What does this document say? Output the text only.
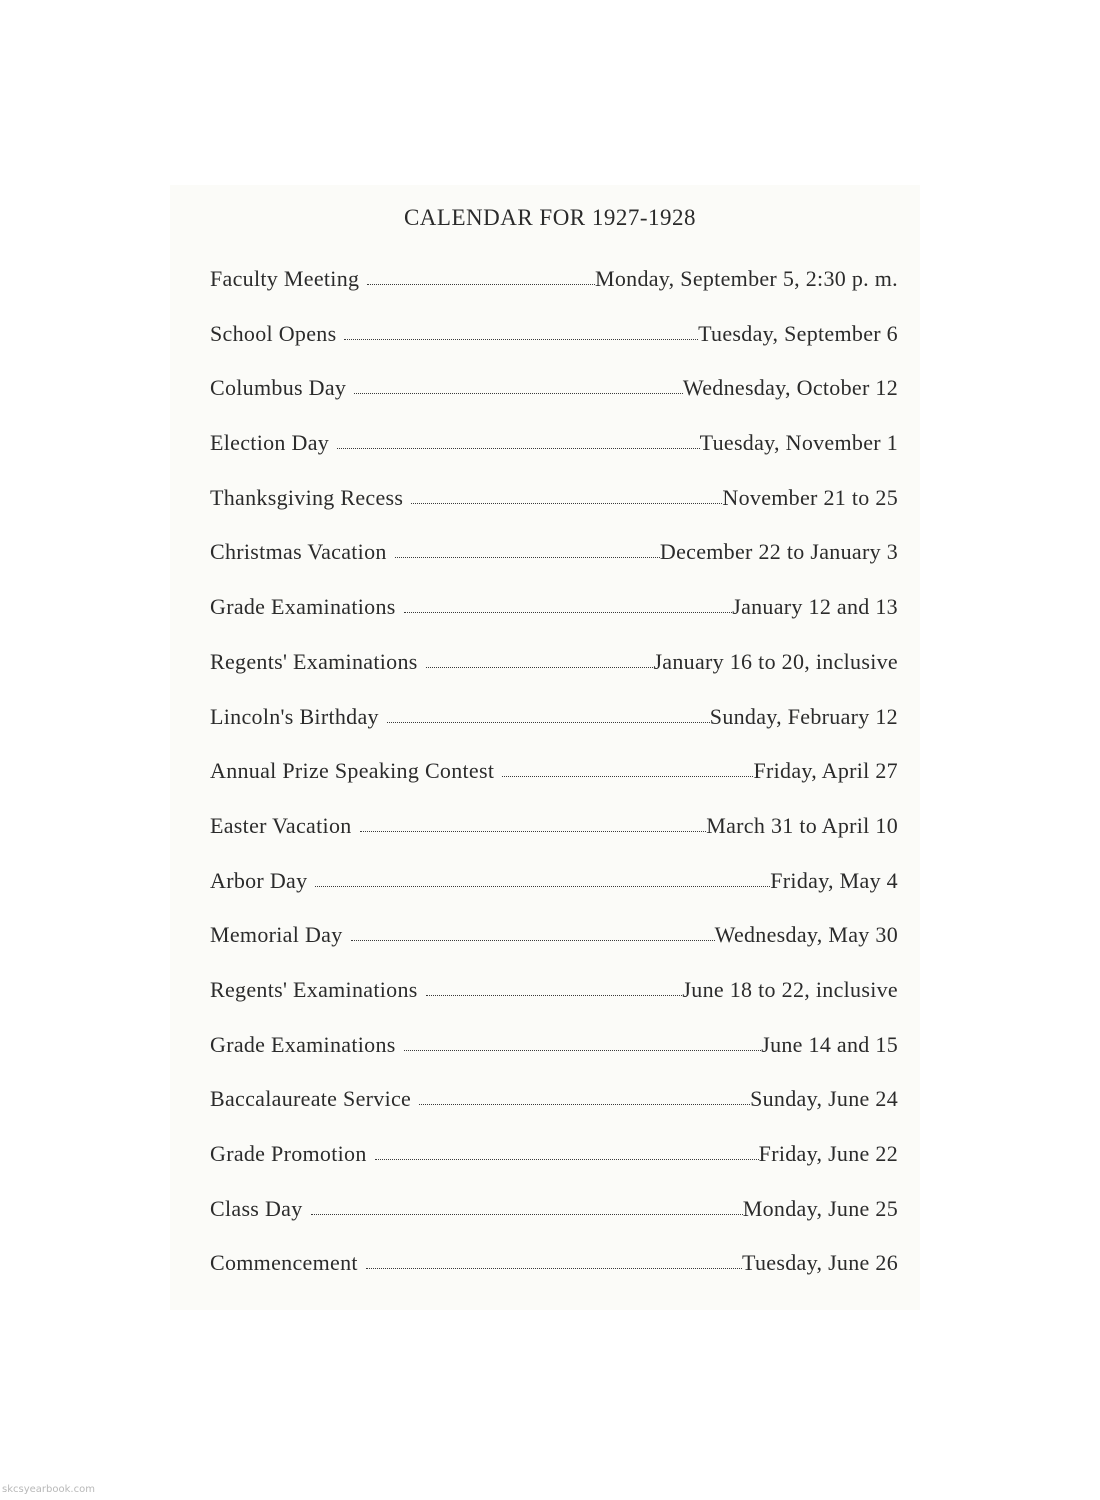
CALENDAR FOR 1927-1928
Faculty Meeting	Monday, September 5, 2:30 p. m.
School Opens	Tuesday, September 6
Columbus Day	Wednesday, October 12
Election Day	Tuesday, November 1
Thanksgiving Recess	November 21 to 25
Christmas Vacation	December 22 to January 3
Grade Examinations	January 12 and 13
Regents' Examinations	January 16 to 20, inclusive
Lincoln's Birthday	Sunday, February 12
Annual Prize Speaking Contest	Friday, April 27
Easter Vacation	March 31 to April 10
Arbor Day	Friday, May 4
Memorial Day	Wednesday, May 30
Regents' Examinations	June 18 to 22, inclusive
Grade Examinations	June 14 and 15
Baccalaureate Service	Sunday, June 24
Grade Promotion	Friday, June 22
Class Day	Monday, June 25
Commencement	Tuesday, June 26
skcsyearbook.com
